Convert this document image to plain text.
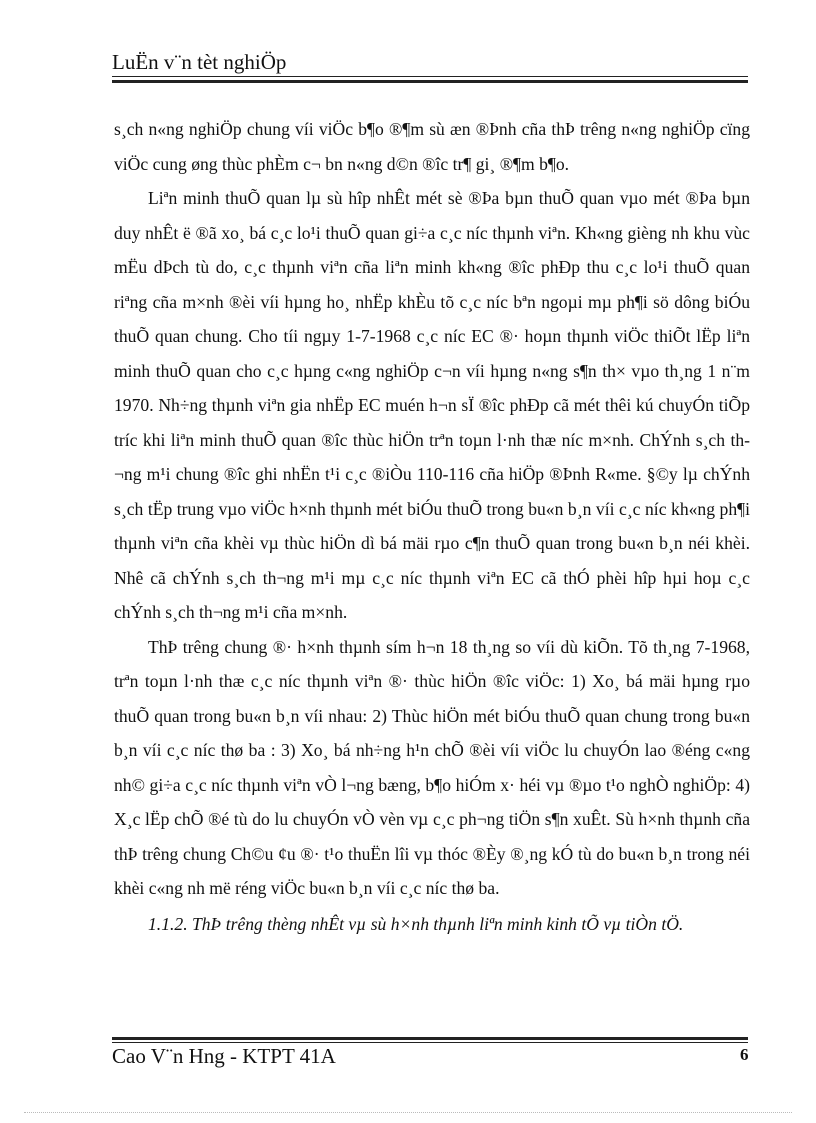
LuËn v¨n tèt nghiÖp

s¸ch n«ng nghiÖp chung víi viÖc b¶o ®¶m sù æn ®Þnh cña thÞ trêng n«ng nghiÖp cïng viÖc cung øng thùc phÈm c¬ bn n«ng d©n ®îc tr¶ gi¸ ®¶m b¶o.

Liªn minh thuÕ quan lµ sù hîp nhÊt mét sè ®Þa bµn thuÕ quan vµo mét ®Þa bµn duy nhÊt ë ®ã xo¸ bá c¸c lo¹i thuÕ quan gi÷a c¸c níc thµnh viªn. Kh«ng gièng nh khu vùc mËu dÞch tù do, c¸c thµnh viªn cña liªn minh kh«ng ®îc phÐp thu c¸c lo¹i thuÕ quan riªng cña m×nh ®èi víi hµng ho¸ nhËp khÈu tõ c¸c níc bªn ngoµi mµ ph¶i sö dông biÓu thuÕ quan chung. Cho tíi ngµy 1-7-1968 c¸c níc EC ®· hoµn thµnh viÖc thiÕt lËp liªn minh thuÕ quan cho c¸c hµng c«ng nghiÖp c¬n víi hµng n«ng s¶n th× vµo th¸ng 1 n¨m 1970. Nh÷ng thµnh viªn gia nhËp EC muén h¬n sÏ ®îc phÐp cã mét thêi kú chuyÓn tiÕp tríc khi liªn minh thuÕ quan ®îc thùc hiÖn trªn toµn l·nh thæ níc m×nh. ChÝnh s¸ch th¬ng m¹i chung ®îc ghi nhËn t¹i c¸c ®iÒu 110-116 cña hiÖp ®Þnh R«me. §©y lµ chÝnh s¸ch tËp trung vµo viÖc h×nh thµnh mét biÓu thuÕ trong bu«n b¸n víi c¸c níc kh«ng ph¶i thµnh viªn cña khèi vµ thùc hiÖn dì bá mäi rµo c¶n thuÕ quan trong bu«n b¸n néi khèi. Nhê cã chÝnh s¸ch th¬ng m¹i mµ c¸c níc thµnh viªn EC cã thÓ phèi hîp hµi hoµ c¸c chÝnh s¸ch th¬ng m¹i cña m×nh.

ThÞ trêng chung ®· h×nh thµnh sím h¬n 18 th¸ng so víi dù kiÕn. Tõ th¸ng 7-1968, trªn toµn l·nh thæ c¸c níc thµnh viªn ®· thùc hiÖn ®îc viÖc: 1) Xo¸ bá mäi hµng rµo thuÕ quan trong bu«n b¸n víi nhau: 2) Thùc hiÖn mét biÓu thuÕ quan chung trong bu«n b¸n víi c¸c níc thø ba : 3) Xo¸ bá nh÷ng h¹n chÕ ®èi víi viÖc lu chuyÓn lao ®éng c«ng nh© gi÷a c¸c níc thµnh viªn vÒ l¬ng bæng, b¶o hiÓm x· héi vµ ®µo t¹o nghÒ nghiÖp: 4) X¸c lËp chÕ ®é tù do lu chuyÓn vÒ vèn vµ c¸c ph¬ng tiÖn s¶n xuÊt. Sù h×nh thµnh cña thÞ trêng chung Ch©u ¢u ®· t¹o thuËn lîi vµ thóc ®Èy ®¸ng kÓ tù do bu«n b¸n trong néi khèi c«ng nh më réng viÖc bu«n b¸n víi c¸c níc thø ba.

1.1.2. ThÞ trêng thèng nhÊt vµ sù h×nh thµnh liªn minh kinh tÕ vµ tiÒn tÖ.

Cao V¨n Hng - KTPT 41A	6
